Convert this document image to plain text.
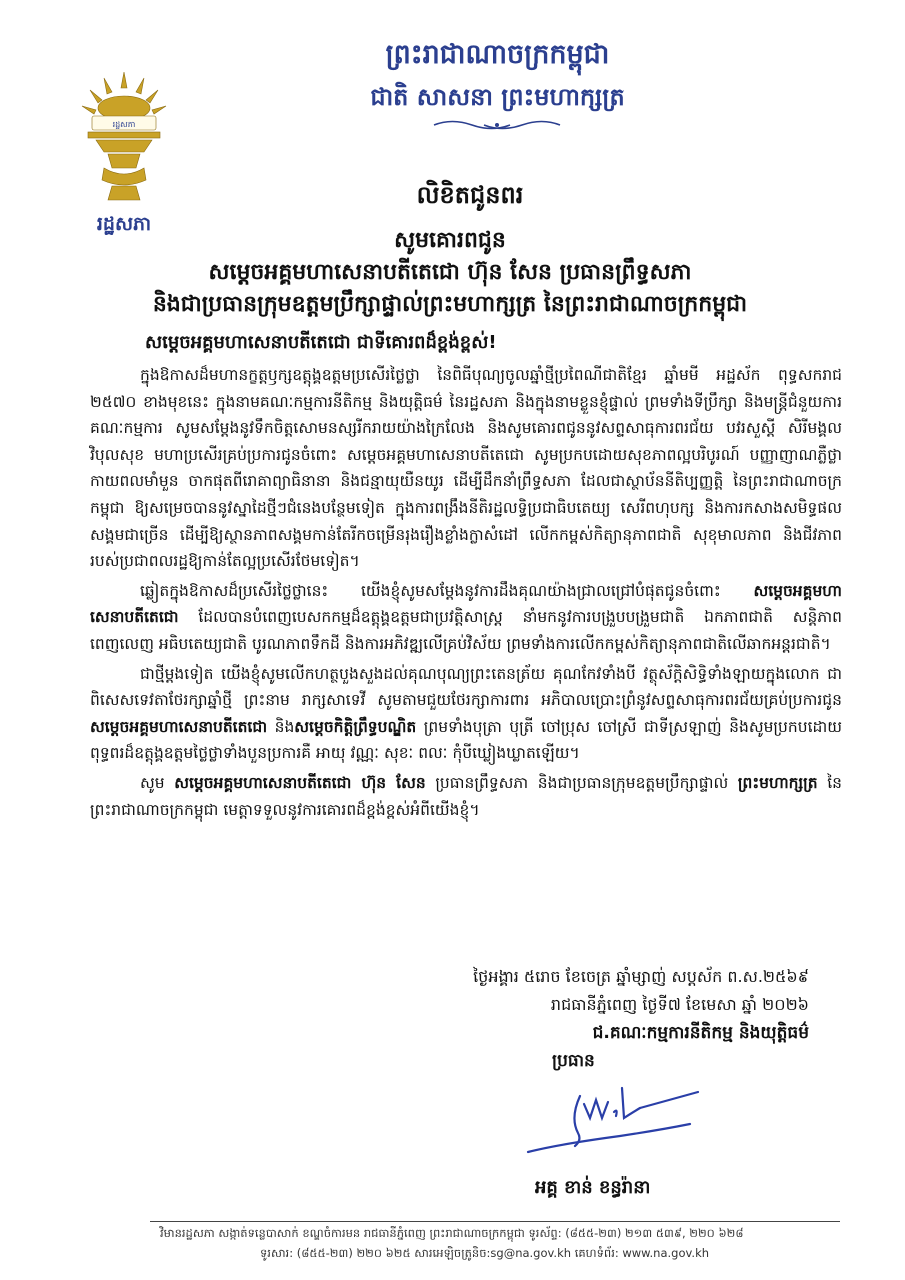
ព្រះរាជាណាចក្រកម្ពុជា
ជាតិ សាសនា ព្រះមហាក្សត្រ
រដ្ឋសភា
រដ្ឋសភា
លិខិតជូនពរ
សូមគោរពជូន
សម្ដេចអគ្គមហាសេនាបតីតេជោ ហ៊ុន សែន ប្រធានព្រឹទ្ធសភា
និងជាប្រធានក្រុមឧត្ដមប្រឹក្សាផ្ទាល់ព្រះមហាក្សត្រ នៃព្រះរាជាណាចក្រកម្ពុជា
សម្ដេចអគ្គមហាសេនាបតីតេជោ ជាទីគោរពដ៏ខ្ពង់ខ្ពស់!

ក្នុងឱកាសដ៏មហានក្ខត្តឫក្សឧត្តុង្គឧត្តមប្រសើរថ្លៃថ្លា នៃពិធីបុណ្យចូលឆ្នាំថ្មីប្រពៃណីជាតិខ្មែរ ឆ្នាំមមី អដ្ឋស័ក ពុទ្ធសករាជ ២៥៧០ ខាងមុខនេះ ក្នុងនាមគណៈកម្មការនីតិកម្ម និងយុត្តិធម៌ នៃរដ្ឋសភា និងក្នុងនាមខ្លួនខ្ញុំផ្ទាល់ ព្រមទាំងទីប្រឹក្សា និងមន្ត្រីជំនួយការគណៈកម្មការ សូមសម្ដែងនូវទឹកចិត្តសោមនស្សរីករាយយ៉ាងក្រៃលែង និងសូមគោរពជូននូវសព្ទសាធុការពរជ័យ បវរសួស្ដី សិរីមង្គល វិបុលសុខ មហាប្រសើរគ្រប់ប្រការជូនចំពោះ សម្ដេចអគ្គមហាសេនាបតីតេជោ សូមប្រកបដោយសុខភាពល្អបរិបូរណ៍ បញ្ញាញាណភ្លឺថ្លាកាយពលមាំមួន ចាកផុតពីរោគាព្យាធិនានា និងជន្មាយុយឺនយូរ ដើម្បីដឹកនាំព្រឹទ្ធសភា ដែលជាស្ថាប័ននីតិប្បញ្ញត្តិ នៃព្រះរាជាណាចក្រកម្ពុជា ឱ្យសម្រេចបាននូវស្នាដៃថ្មីៗជំនេងបន្ថែមទៀត ក្នុងការពង្រឹងនីតិរដ្ឋលទ្ធិប្រជាធិបតេយ្យ សេរីពហុបក្ស និងការកសាងសមិទ្ធផលសង្គមជាច្រើន ដើម្បីឱ្យស្ថានភាពសង្គមកាន់តែរីកចម្រើនរុងរឿងខ្លាំងក្លាសំដៅ លើកកម្ពស់កិត្យានុភាពជាតិ សុខុមាលភាព និងជីវភាពរបស់ប្រជាពលរដ្ឋឱ្យកាន់តែល្អប្រសើរថែមទៀត។

ឆ្លៀតក្នុងឱកាសដ៏ប្រសើរថ្លៃថ្លានេះ យើងខ្ញុំសូមសម្ដែងនូវការដឹងគុណយ៉ាងជ្រាលជ្រៅបំផុតជូនចំពោះ សម្ដេចអគ្គមហាសេនាបតីតេជោ ដែលបានបំពេញបេសកកម្មដ៏ឧត្តុង្គឧត្តមជាប្រវត្តិសាស្ត្រ នាំមកនូវការបង្រួបបង្រួមជាតិ ឯកភាពជាតិ សន្តិភាពពេញលេញ អធិបតេយ្យជាតិ បូរណភាពទឹកដី និងការអភិវឌ្ឍលើគ្រប់វិស័យ ព្រមទាំងការលើកកម្ពស់កិត្យានុភាពជាតិលើឆាកអន្តរជាតិ។

ជាថ្មីម្ដងទៀត យើងខ្ញុំសូមលើកហត្ថបួងសួងដល់គុណបុណ្យព្រះតេនត្រ័យ គុណកែវទាំងបី វត្ថុស័ក្តិសិទ្ធិទាំងឡាយក្នុងលោក ជាពិសេសទេវតាថែរក្សាឆ្នាំថ្មី ព្រះនាម រាក្សសាទេវី សូមតាមជួយថែរក្សាការពារ អភិបាលប្រោះព្រំនូវសព្ទសាធុការពរជ័យគ្រប់ប្រការជូន សម្ដេចអគ្គមហាសេនាបតីតេជោ និងសម្ដេចកិត្តិព្រឹទ្ធបណ្ឌិត ព្រមទាំងបុត្រា បុត្រី ចៅប្រុស ចៅស្រី ជាទីស្រឡាញ់ និងសូមប្រកបដោយពុទ្ធពរដ៏ឧត្តុង្គឧត្តមថ្លៃថ្លាទាំងបួនប្រការគឺ អាយុ វណ្ណៈ សុខៈ ពលៈ កុំបីឃ្លៀងឃ្លាតឡើយ។

សូម សម្ដេចអគ្គមហាសេនាបតីតេជោ ហ៊ុន សែន ប្រធានព្រឹទ្ធសភា និងជាប្រធានក្រុមឧត្ដមប្រឹក្សាផ្ទាល់ ព្រះមហាក្សត្រ នៃព្រះរាជាណាចក្រកម្ពុជា មេត្តាទទួលនូវការគោរពដ៏ខ្ពង់ខ្ពស់អំពីយើងខ្ញុំ។

ថ្ងៃអង្គារ ៥រោច ខែចេត្រ ឆ្នាំម្សាញ់ សប្តស័ក ព.ស.២៥៦៩
រាជធានីភ្នំពេញ ថ្ងៃទី៧ ខែមេសា ឆ្នាំ ២០២៦
ជ.គណៈកម្មការនីតិកម្ម និងយុត្តិធម៌
ប្រធាន
អគ្គ ខាន់ ខន្ធរ៉ានា
វិមានរដ្ឋសភា សង្កាត់ទន្លេបាសាក់ ខណ្ឌចំការមន រាជធានីភ្នំពេញ ព្រះរាជាណាចក្រកម្ពុជា ទូរស័ព្ទ: (៨៥៥-២៣) ២១៣ ៥៣៩, ២២០ ៦២៨
ទូរសារ: (៨៥៥-២៣) ២២០ ៦២៥ សារអេឡិចត្រូនិច:sg@na.gov.kh គេហទំព័រ: www.na.gov.kh
